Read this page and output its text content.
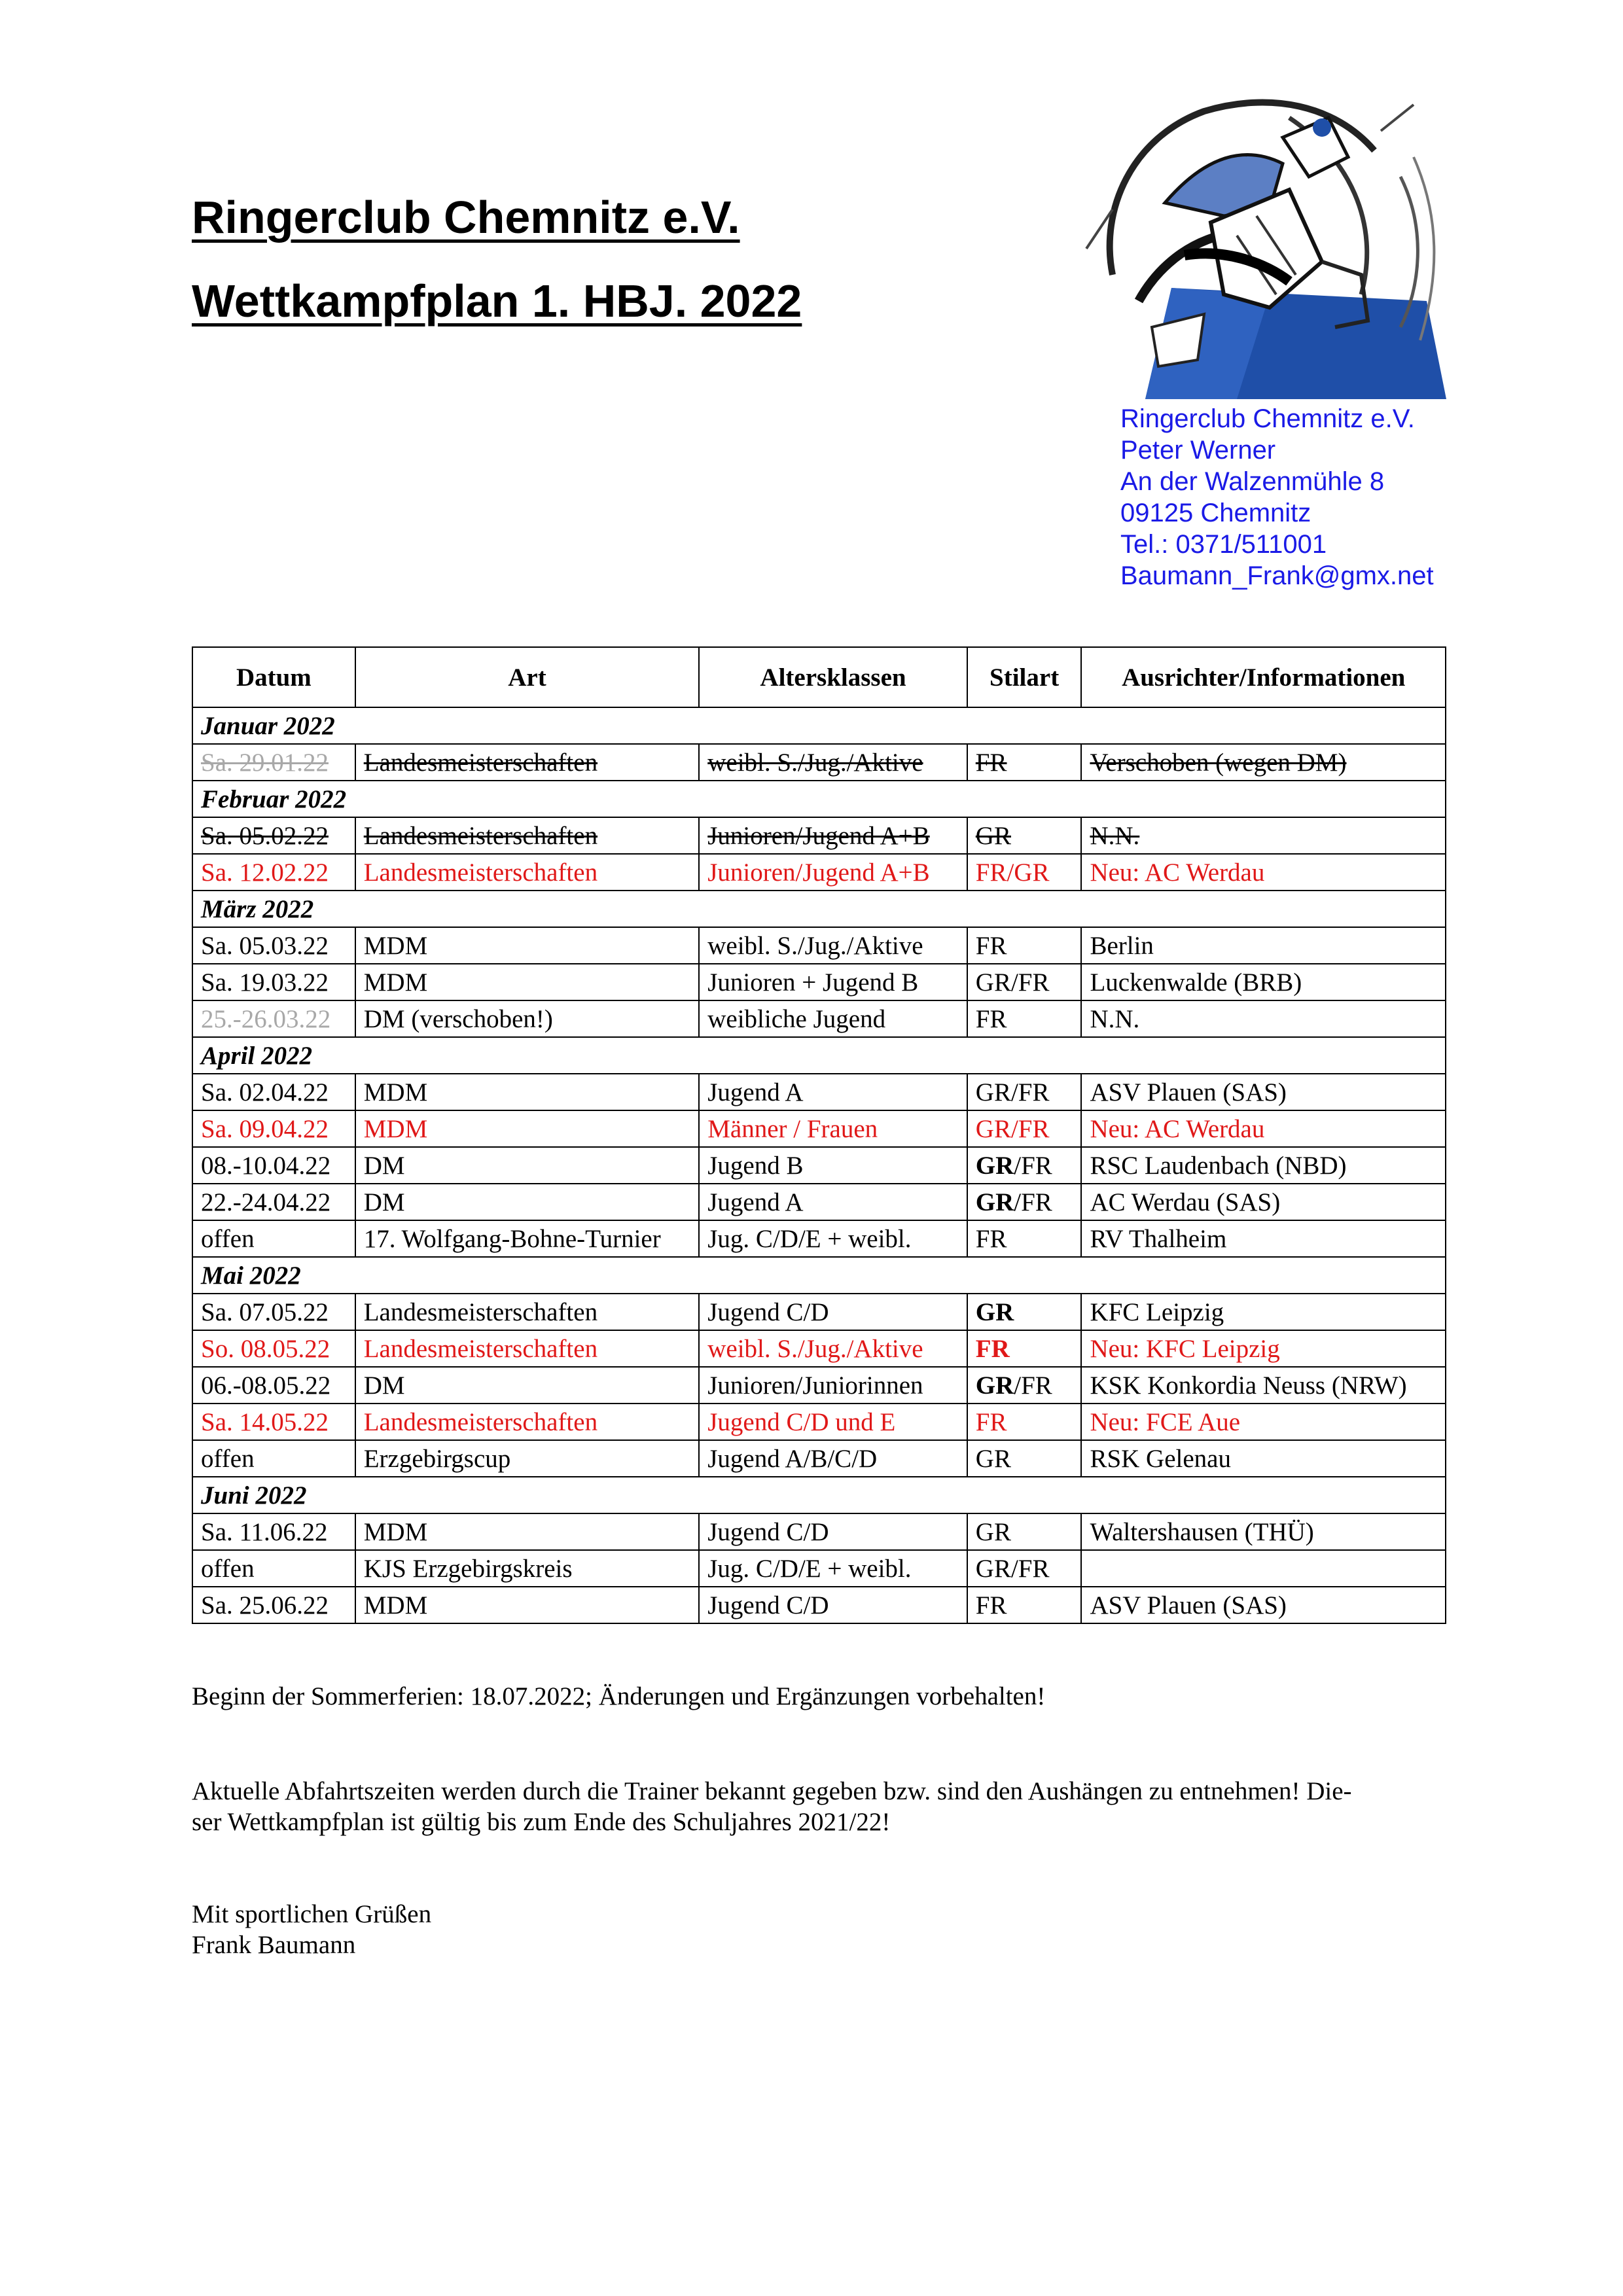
Ringerclub Chemnitz e.V.
Wettkampfplan 1. HBJ. 2022
Ringerclub Chemnitz e.V.
Peter Werner
An der Walzenmühle 8
09125 Chemnitz
Tel.: 0371/511001
Baumann_Frank@gmx.net
Datum	Art	Altersklassen	Stilart	Ausrichter/Informationen
Januar 2022				
Sa. 29.01.22	Landesmeisterschaften	weibl. S./Jug./Aktive	FR	Verschoben (wegen DM)
Februar 2022				
Sa. 05.02.22	Landesmeisterschaften	Junioren/Jugend A+B	GR	N.N.
Sa. 12.02.22	Landesmeisterschaften	Junioren/Jugend A+B	FR/GR	Neu: AC Werdau
März 2022				
Sa. 05.03.22	MDM	weibl. S./Jug./Aktive	FR	Berlin
Sa. 19.03.22	MDM	Junioren + Jugend B	GR/FR	Luckenwalde (BRB)
25.-26.03.22	DM (verschoben!)	weibliche Jugend	FR	N.N.
April 2022				
Sa. 02.04.22	MDM	Jugend A	GR/FR	ASV Plauen (SAS)
Sa. 09.04.22	MDM	Männer / Frauen	GR/FR	Neu: AC Werdau
08.-10.04.22	DM	Jugend B	GR/FR	RSC Laudenbach (NBD)
22.-24.04.22	DM	Jugend A	GR/FR	AC Werdau (SAS)
offen	17. Wolfgang-Bohne-Turnier	Jug. C/D/E + weibl.	FR	RV Thalheim
Mai 2022				
Sa. 07.05.22	Landesmeisterschaften	Jugend C/D	GR	KFC Leipzig
So. 08.05.22	Landesmeisterschaften	weibl. S./Jug./Aktive	FR	Neu: KFC Leipzig
06.-08.05.22	DM	Junioren/Juniorinnen	GR/FR	KSK Konkordia Neuss (NRW)
Sa. 14.05.22	Landesmeisterschaften	Jugend C/D und E	FR	Neu: FCE Aue
offen	Erzgebirgscup	Jugend A/B/C/D	GR	RSK Gelenau
Juni 2022				
Sa. 11.06.22	MDM	Jugend C/D	GR	Waltershausen (THÜ)
offen	KJS Erzgebirgskreis	Jug. C/D/E + weibl.	GR/FR	
Sa. 25.06.22	MDM	Jugend C/D	FR	ASV Plauen (SAS)
Beginn der Sommerferien: 18.07.2022; Änderungen und Ergänzungen vorbehalten!
Aktuelle Abfahrtszeiten werden durch die Trainer bekannt gegeben bzw. sind den Aushängen zu entnehmen! Die-
ser Wettkampfplan ist gültig bis zum Ende des Schuljahres 2021/22!
Mit sportlichen Grüßen
Frank Baumann
